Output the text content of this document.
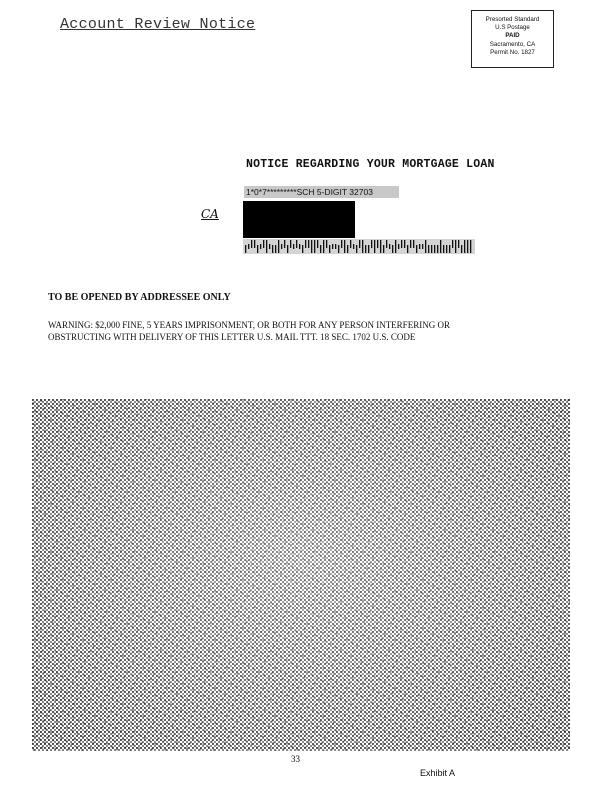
Account Review Notice	Presorted Standard
U.S Postage
PAID
Sacramento, CA
Permit No. 1827
NOTICE REGARDING YOUR MORTGAGE LOAN
1*0*7*********SCH 5-DIGIT 32703
CA
TO BE OPENED BY ADDRESSEE ONLY
WARNING: $2,000 FINE, 5 YEARS IMPRISONMENT, OR BOTH FOR ANY PERSON INTERFERING OR OBSTRUCTING WITH DELIVERY OF THIS LETTER U.S. MAIL TTT. 18 SEC. 1702 U.S. CODE
33
Exhibit A
